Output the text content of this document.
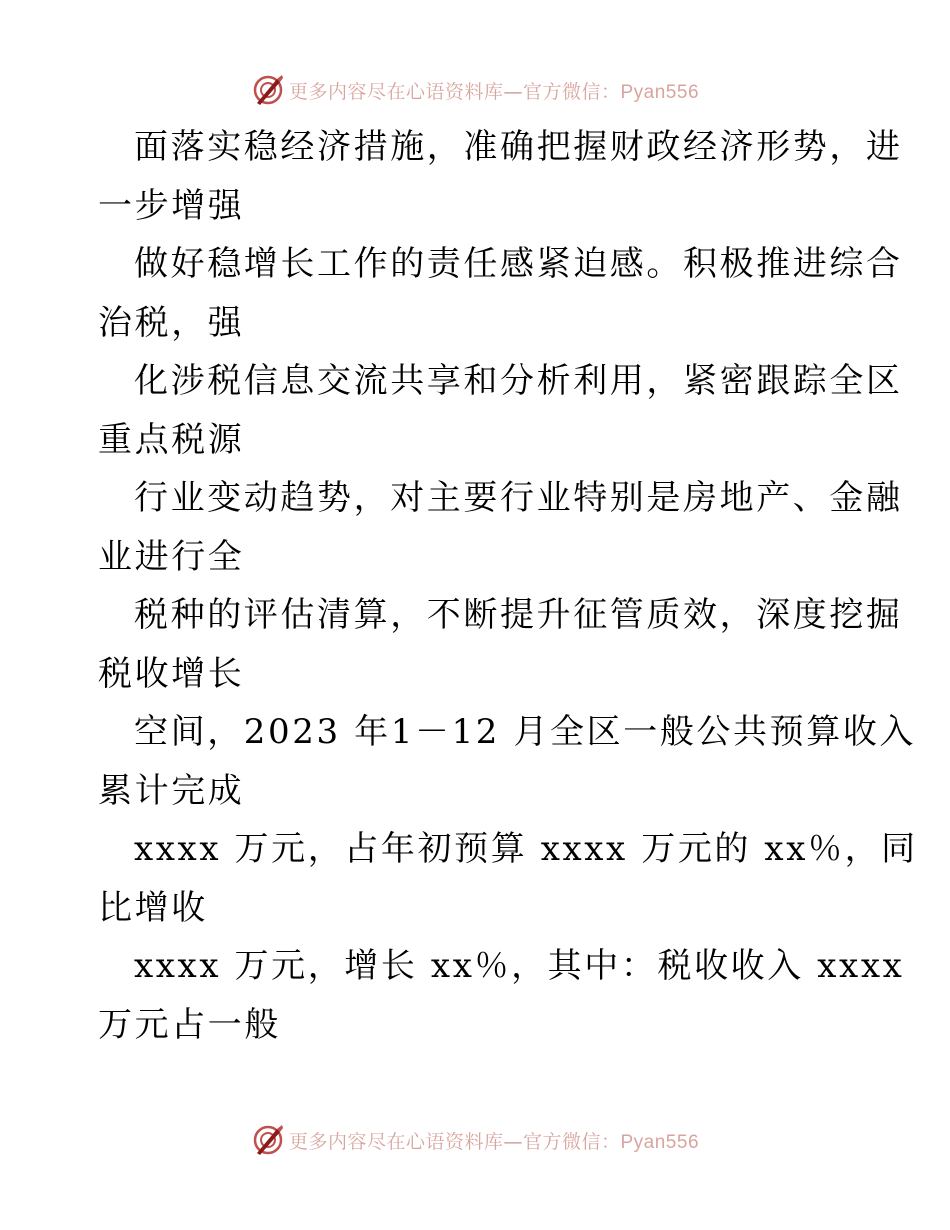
更多内容尽在心语资料库—官方微信：Pyan556
面落实稳经济措施，准确把握财政经济形势，进
一步增强
做好稳增长工作的责任感紧迫感。积极推进综合
治税，强
化涉税信息交流共享和分析利用，紧密跟踪全区
重点税源
行业变动趋势，对主要行业特别是房地产、金融
业进行全
税种的评估清算，不断提升征管质效，深度挖掘
税收增长
空间，2023 年1－12 月全区一般公共预算收入
累计完成
xxxx 万元，占年初预算 xxxx 万元的 xx％，同
比增收
xxxx 万元，增长 xx％，其中：税收收入 xxxx
万元占一般
更多内容尽在心语资料库—官方微信：Pyan556
